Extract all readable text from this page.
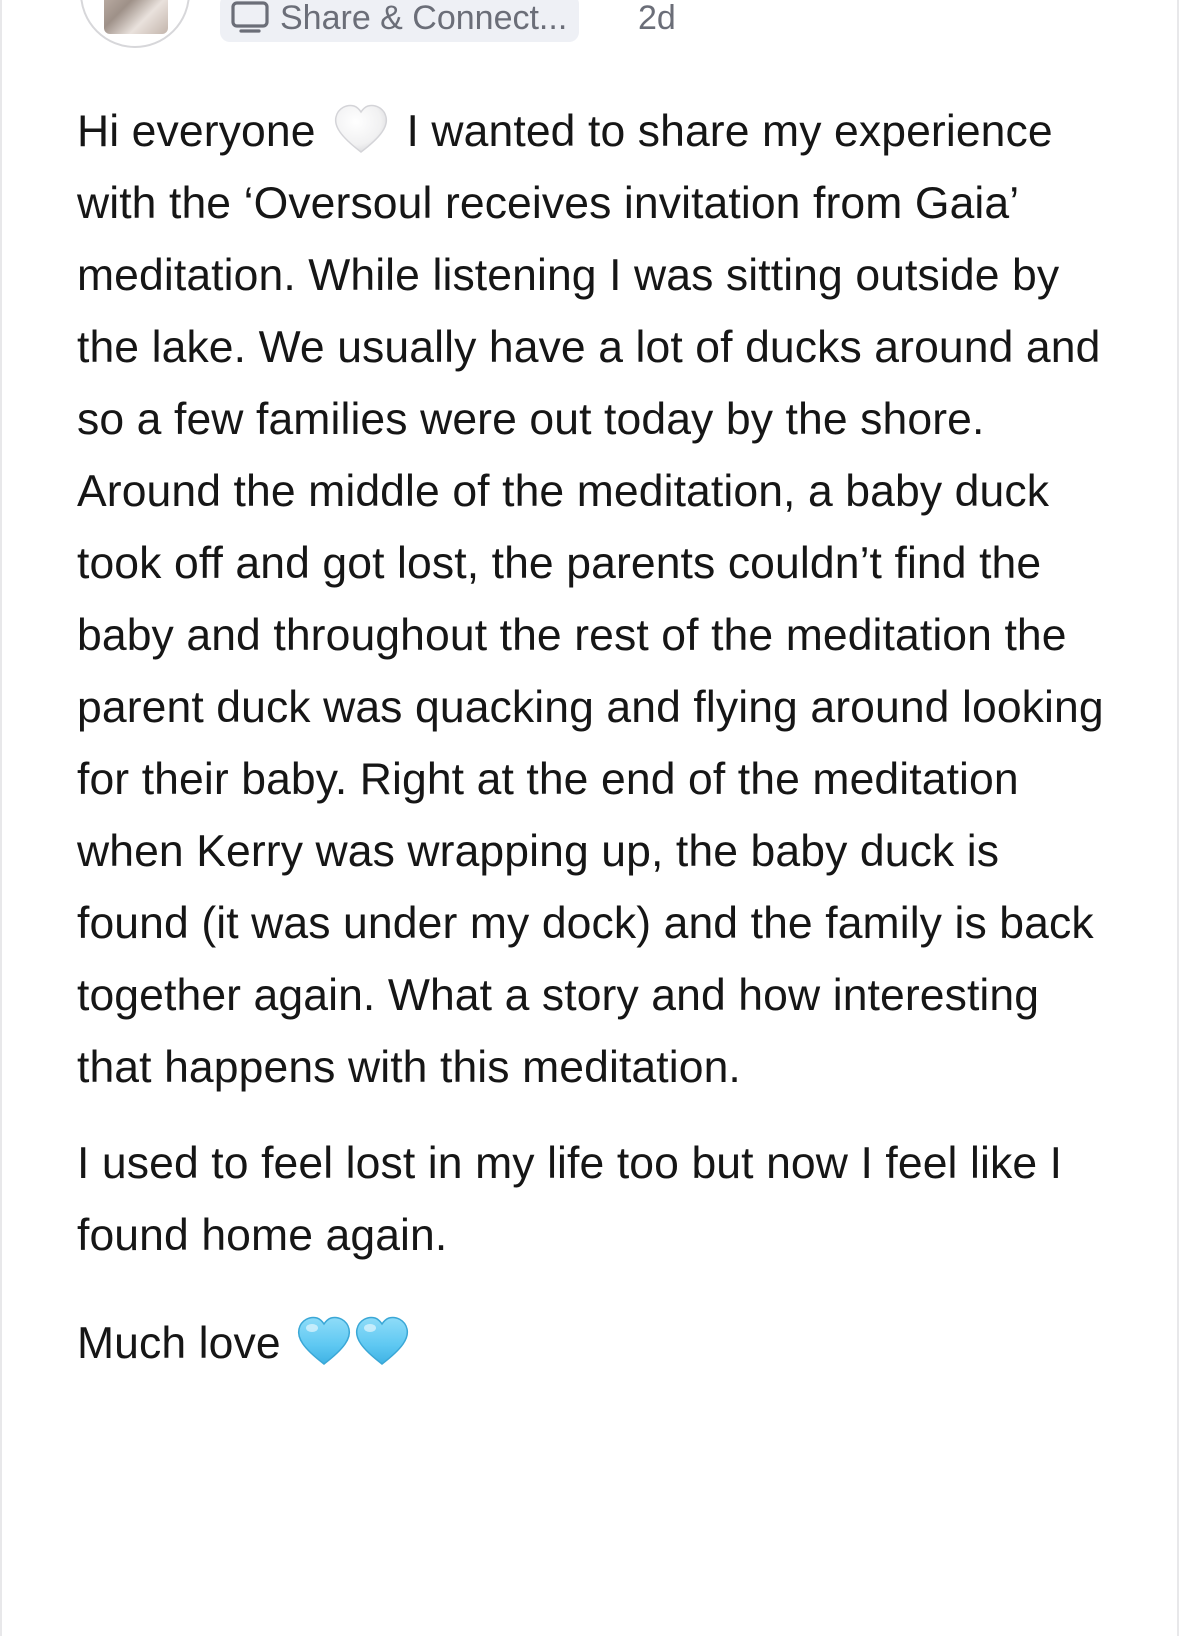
Share & Connect... 2d

Hi everyone I wanted to share my experience with the ‘Oversoul receives invitation from Gaia’ meditation. While listening I was sitting outside by the lake. We usually have a lot of ducks around and so a few families were out today by the shore. Around the middle of the meditation, a baby duck took off and got lost, the parents couldn’t find the baby and throughout the rest of the meditation the parent duck was quacking and flying around looking for their baby. Right at the end of the meditation when Kerry was wrapping up, the baby duck is found (it was under my dock) and the family is back together again. What a story and how interesting that happens with this meditation.

I used to feel lost in my life too but now I feel like I found home again.

Much love
